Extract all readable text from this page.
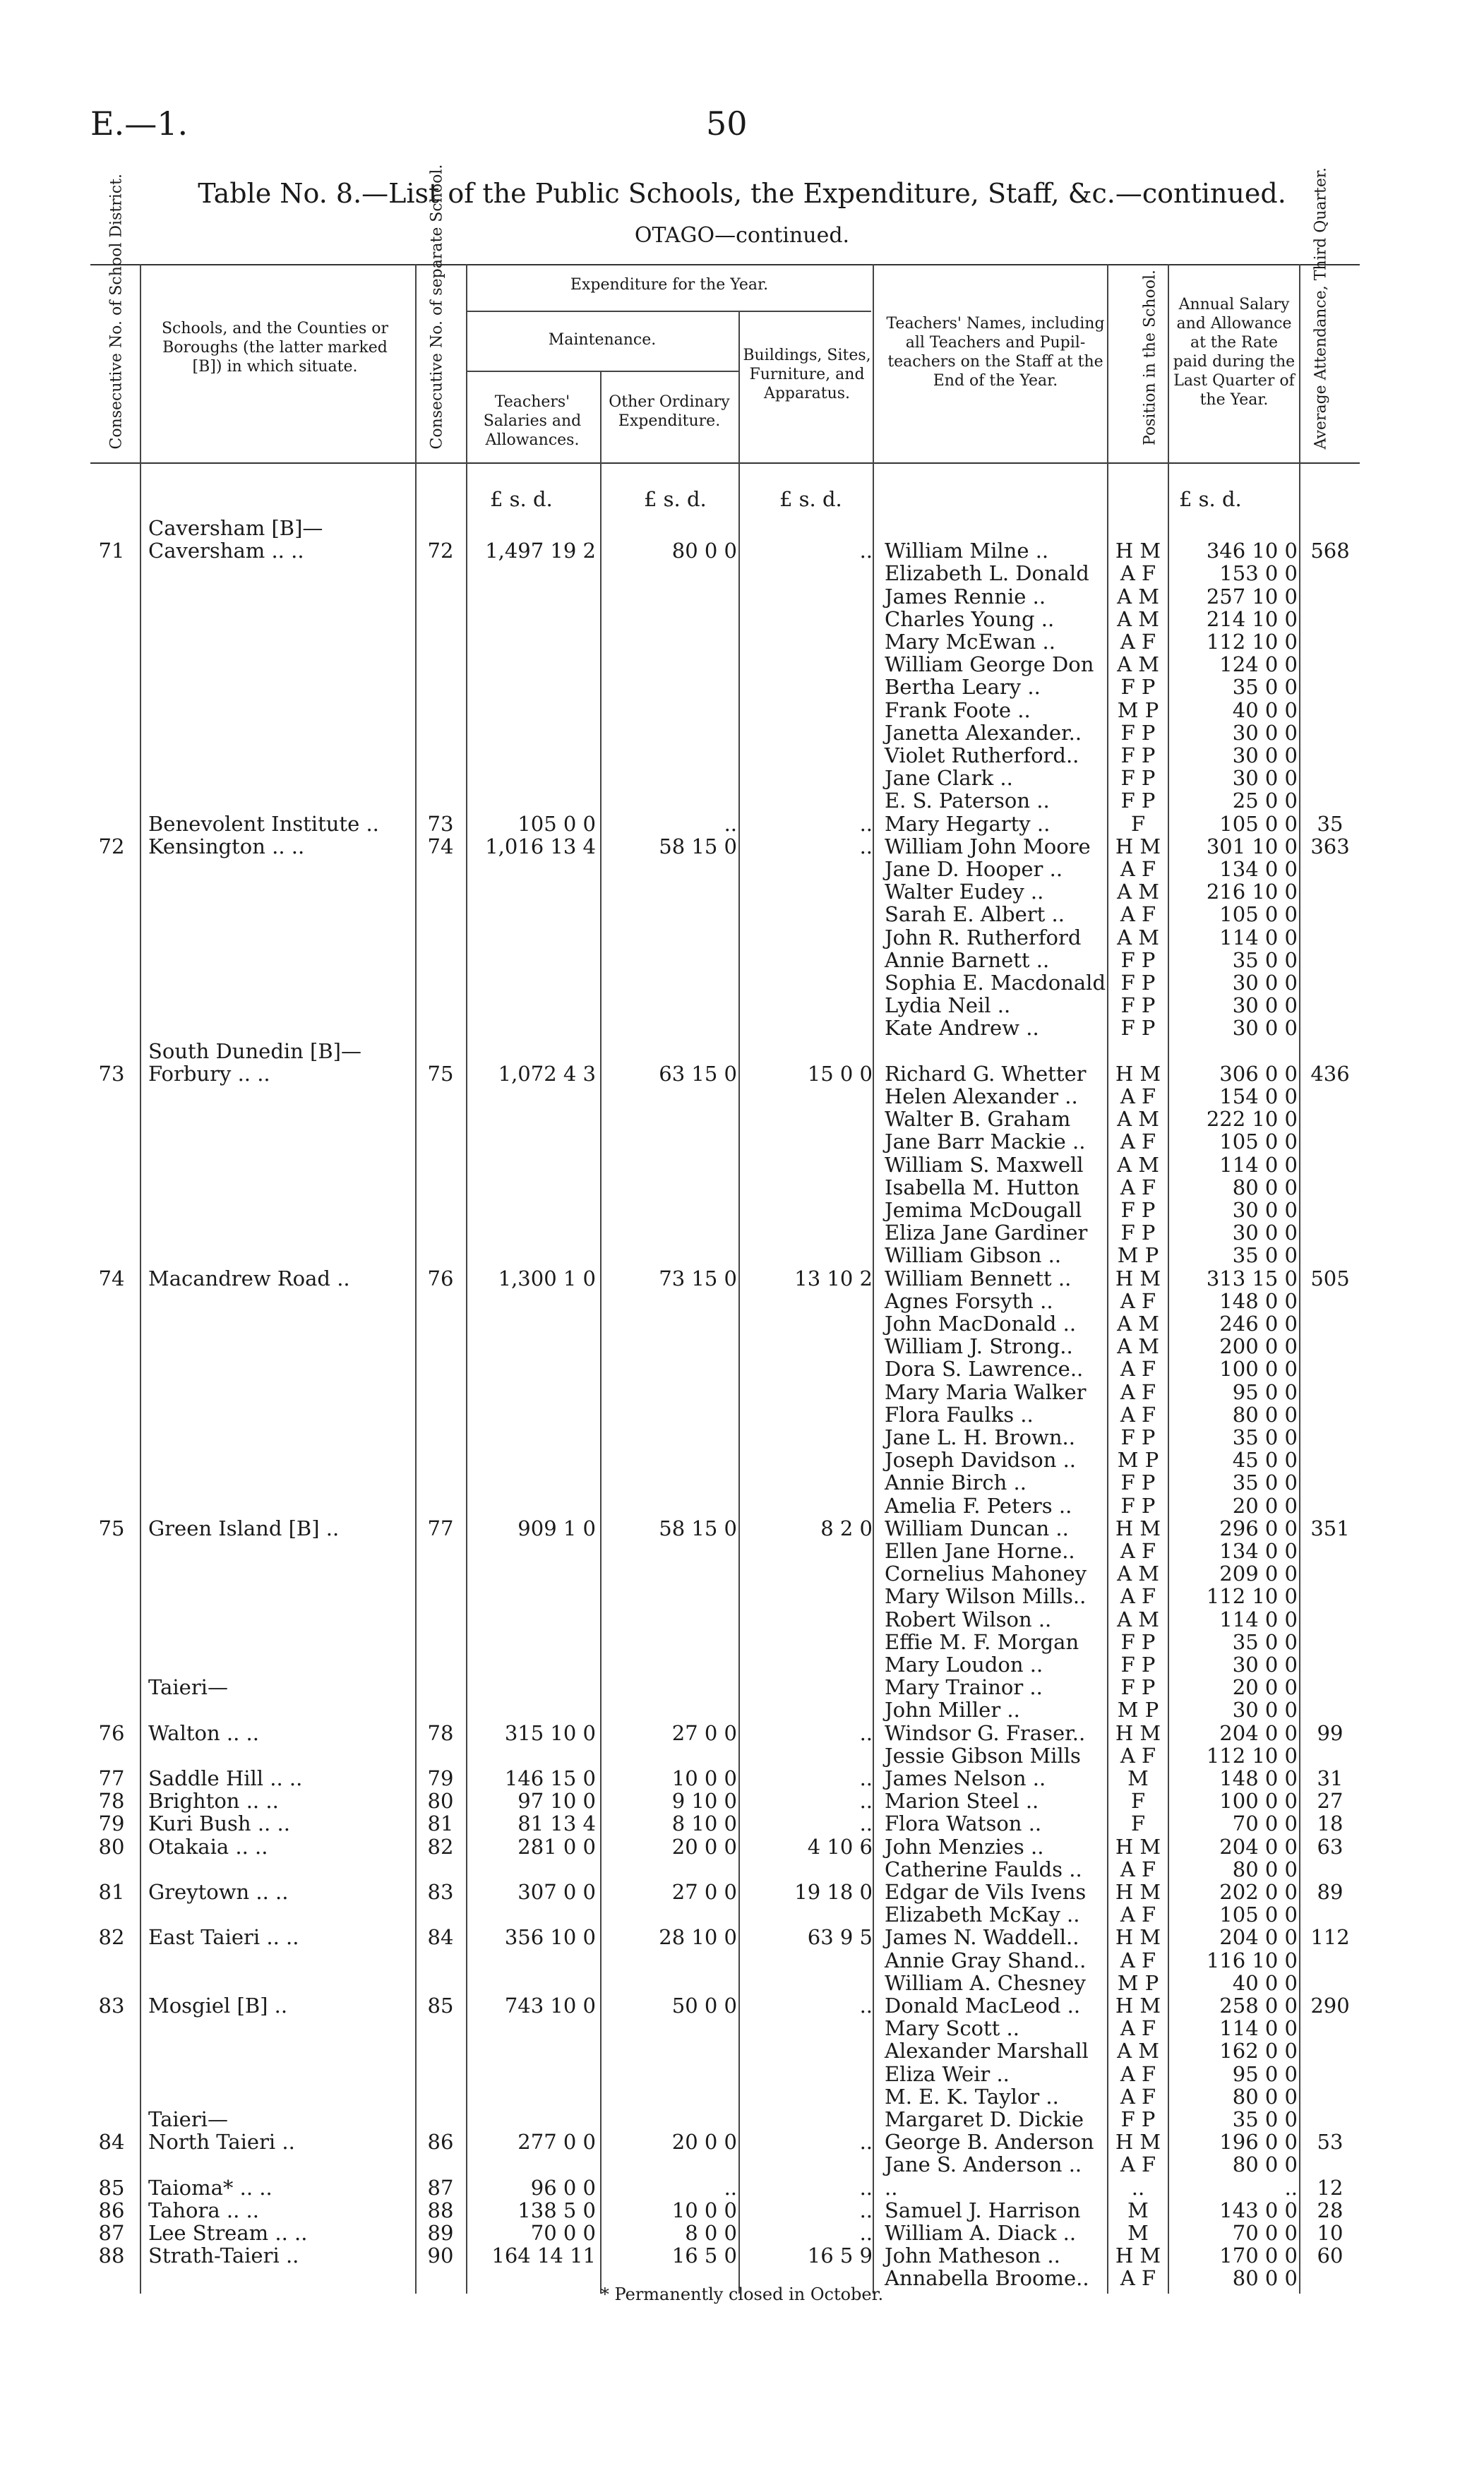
E.—1.	50
Table No. 8.—List of the Public Schools, the Expenditure, Staff, &c.—continued.
OTAGO—continued.
Consecutive No. of School District.	Schools, and the Counties or Boroughs (the latter marked [B]) in which situate.	Consecutive No. of separate School.	Expenditure for the Year.
Maintenance.
Teachers' Salaries and Allowances.
Other Ordinary Expenditure.
Buildings, Sites, Furniture, and Apparatus.
Teachers' Names, including all Teachers and Pupil-teachers on the Staff at the End of the Year.	Position in the School.	Annual Salary and Allowance at the Rate paid during the Last Quarter of the Year.	Average Attendance, Third Quarter.
£ s. d.	£ s. d.	£ s. d.	£ s. d.
Caversham [B]—
71	Caversham .. ..	72	1,497 19 2	80 0 0	.. William Milne ..	H M	346 10 0 568
Elizabeth L. Donald	A F	153 0 0
James Rennie ..	A M	257 10 0
Charles Young ..	A M	214 10 0
Mary McEwan ..	A F	112 10 0
William George Don	A M	124 0 0
Bertha Leary ..	F P	35 0 0
Frank Foote ..	M P	40 0 0
Janetta Alexander..	F P	30 0 0
Violet Rutherford..	F P	30 0 0
Jane Clark ..	F P	30 0 0
E. S. Paterson ..	F P	25 0 0
Benevolent Institute ..	73	105 0 0	..	.. Mary Hegarty ..	F	105 0 0 35
72	Kensington .. ..	74	1,016 13 4	58 15 0	.. William John Moore	H M	301 10 0 363
Jane D. Hooper ..	A F	134 0 0
Walter Eudey ..	A M	216 10 0
Sarah E. Albert ..	A F	105 0 0
John R. Rutherford	A M	114 0 0
Annie Barnett ..	F P	35 0 0
Sophia E. Macdonald F P	30 0 0
Lydia Neil ..	F P	30 0 0
Kate Andrew ..	F P	30 0 0
South Dunedin [B]—
73	Forbury .. ..	75	1,072 4 3	63 15 0	15 0 0 Richard G. Whetter	H M	306 0 0 436
Helen Alexander ..	A F	154 0 0
Walter B. Graham	A M	222 10 0
Jane Barr Mackie ..	A F	105 0 0
William S. Maxwell	A M	114 0 0
Isabella M. Hutton	A F	80 0 0
Jemima McDougall	F P	30 0 0
Eliza Jane Gardiner	F P	30 0 0
William Gibson ..	M P	35 0 0
74	Macandrew Road ..	76	1,300 1 0	73 15 0	13 10 2 William Bennett ..	H M	313 15 0 505
Agnes Forsyth ..	A F	148 0 0
John MacDonald ..	A M	246 0 0
William J. Strong..	A M	200 0 0
Dora S. Lawrence..	A F	100 0 0
Mary Maria Walker	A F	95 0 0
Flora Faulks ..	A F	80 0 0
Jane L. H. Brown..	F P	35 0 0
Joseph Davidson ..	M P	45 0 0
Annie Birch ..	F P	35 0 0
Amelia F. Peters ..	F P	20 0 0
75	Green Island [B] ..	77	909 1 0	58 15 0	8 2 0 William Duncan ..	H M	296 0 0 351
Ellen Jane Horne..	A F	134 0 0
Cornelius Mahoney	A M	209 0 0
Mary Wilson Mills..	A F	112 10 0
Robert Wilson ..	A M	114 0 0
Effie M. F. Morgan	F P	35 0 0
Mary Loudon ..	F P	30 0 0
Taieri—	Mary Trainor ..	F P	20 0 0
John Miller ..	M P	30 0 0
76	Walton .. ..	78	315 10 0	27 0 0	.. Windsor G. Fraser..	H M	204 0 0 99
Jessie Gibson Mills	A F	112 10 0
77	Saddle Hill .. ..	79	146 15 0	10 0 0	.. James Nelson ..	M	148 0 0 31
78	Brighton .. ..	80	97 10 0	9 10 0	.. Marion Steel ..	F	100 0 0 27
79	Kuri Bush .. ..	81	81 13 4	8 10 0	.. Flora Watson ..	F	70 0 0 18
80	Otakaia .. ..	82	281 0 0	20 0 0	4 10 6 John Menzies ..	H M	204 0 0 63
Catherine Faulds ..	A F	80 0 0
81	Greytown .. ..	83	307 0 0	27 0 0	19 18 0 Edgar de Vils Ivens	H M	202 0 0 89
Elizabeth McKay ..	A F	105 0 0
82	East Taieri .. ..	84	356 10 0	28 10 0	63 9 5 James N. Waddell..	H M	204 0 0 112
Annie Gray Shand..	A F	116 10 0
William A. Chesney	M P	40 0 0
83	Mosgiel [B] ..	85	743 10 0	50 0 0	.. Donald MacLeod ..	H M	258 0 0 290
Mary Scott ..	A F	114 0 0
Alexander Marshall	A M	162 0 0
Eliza Weir ..	A F	95 0 0
M. E. K. Taylor ..	A F	80 0 0
Taieri—	Margaret D. Dickie	F P	35 0 0
84	North Taieri ..	86	277 0 0	20 0 0	.. George B. Anderson	H M	196 0 0 53
Jane S. Anderson ..	A F	80 0 0
85	Taioma* .. ..	87	96 0 0	..	.. ..	..	.. 12
86	Tahora .. ..	88	138 5 0	10 0 0	.. Samuel J. Harrison	M	143 0 0 28
87	Lee Stream .. ..	89	70 0 0	8 0 0	.. William A. Diack ..	M	70 0 0 10
88	Strath-Taieri ..	90	164 14 11	16 5 0	16 5 9 John Matheson ..	H M	170 0 0 60
Annabella Broome..	A F	80 0 0
* Permanently closed in October.
